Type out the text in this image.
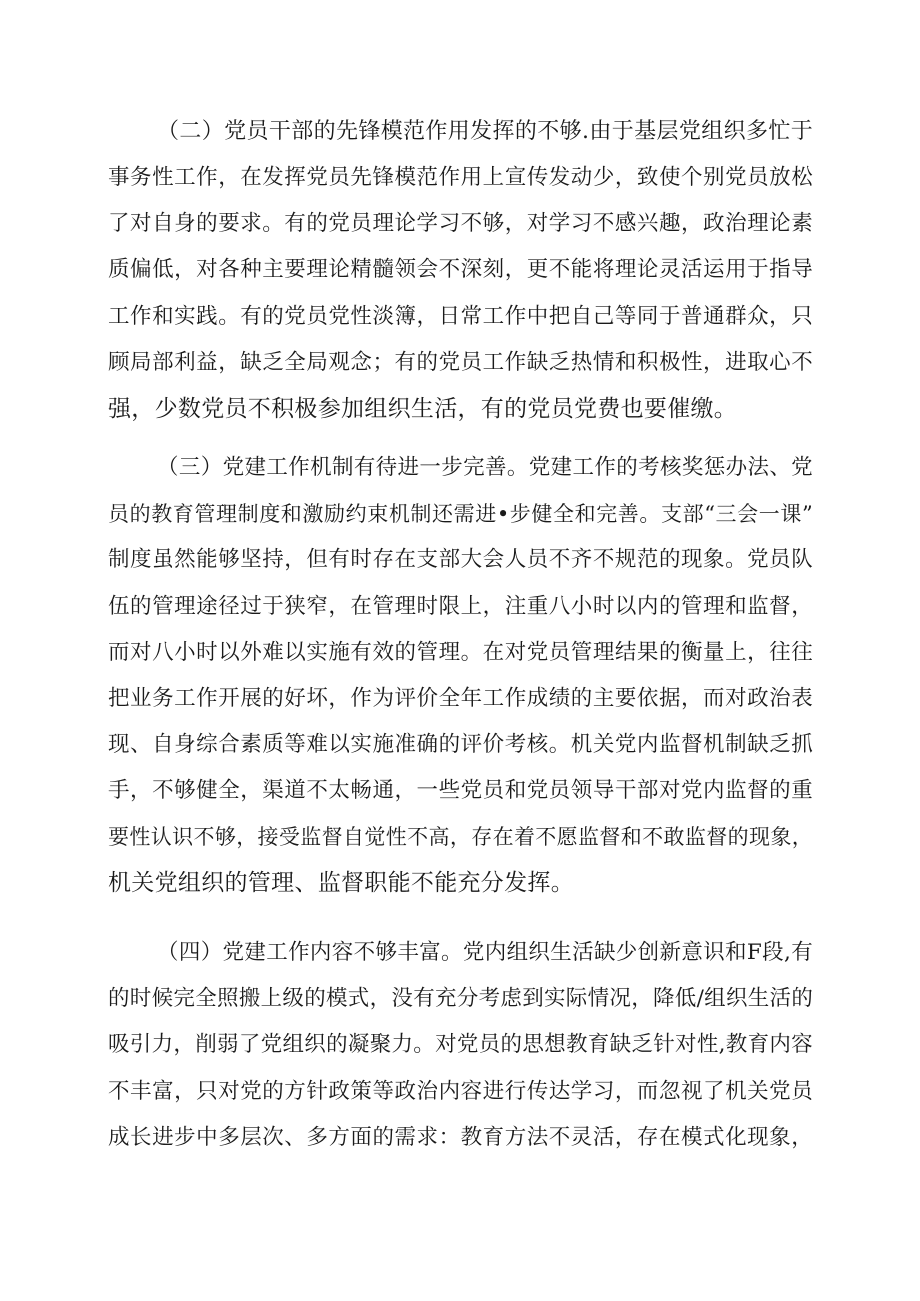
（二）党员干部的先锋模范作用发挥的不够.由于基层党组织多忙于
事务性工作，在发挥党员先锋模范作用上宣传发动少，致使个别党员放松
了对自身的要求。有的党员理论学习不够，对学习不感兴趣，政治理论素
质偏低，对各种主要理论精髓领会不深刻，更不能将理论灵活运用于指导
工作和实践。有的党员党性淡簿，日常工作中把自己等同于普通群众，只
顾局部利益，缺乏全局观念；有的党员工作缺乏热情和积极性，进取心不
强，少数党员不积极参加组织生活，有的党员党费也要催缴。
（三）党建工作机制有待进一步完善。党建工作的考核奖惩办法、党
员的教育管理制度和激励约束机制还需进•步健全和完善。支部“三会一课”
制度虽然能够坚持，但有时存在支部大会人员不齐不规范的现象。党员队
伍的管理途径过于狭窄，在管理时限上，注重八小时以内的管理和监督，
而对八小时以外难以实施有效的管理。在对党员管理结果的衡量上，往往
把业务工作开展的好坏，作为评价全年工作成绩的主要依据，而对政治表
现、自身综合素质等难以实施准确的评价考核。机关党内监督机制缺乏抓
手，不够健全，渠道不太畅通，一些党员和党员领导干部对党内监督的重
要性认识不够，接受监督自觉性不高，存在着不愿监督和不敢监督的现象，
机关党组织的管理、监督职能不能充分发挥。
（四）党建工作内容不够丰富。党内组织生活缺少创新意识和F段,有
的时候完全照搬上级的模式，没有充分考虑到实际情况，降低/组织生活的
吸引力，削弱了党组织的凝聚力。对党员的思想教育缺乏针对性,教育内容
不丰富，只对党的方针政策等政治内容进行传达学习，而忽视了机关党员
成长进步中多层次、多方面的需求：教育方法不灵活，存在模式化现象，
